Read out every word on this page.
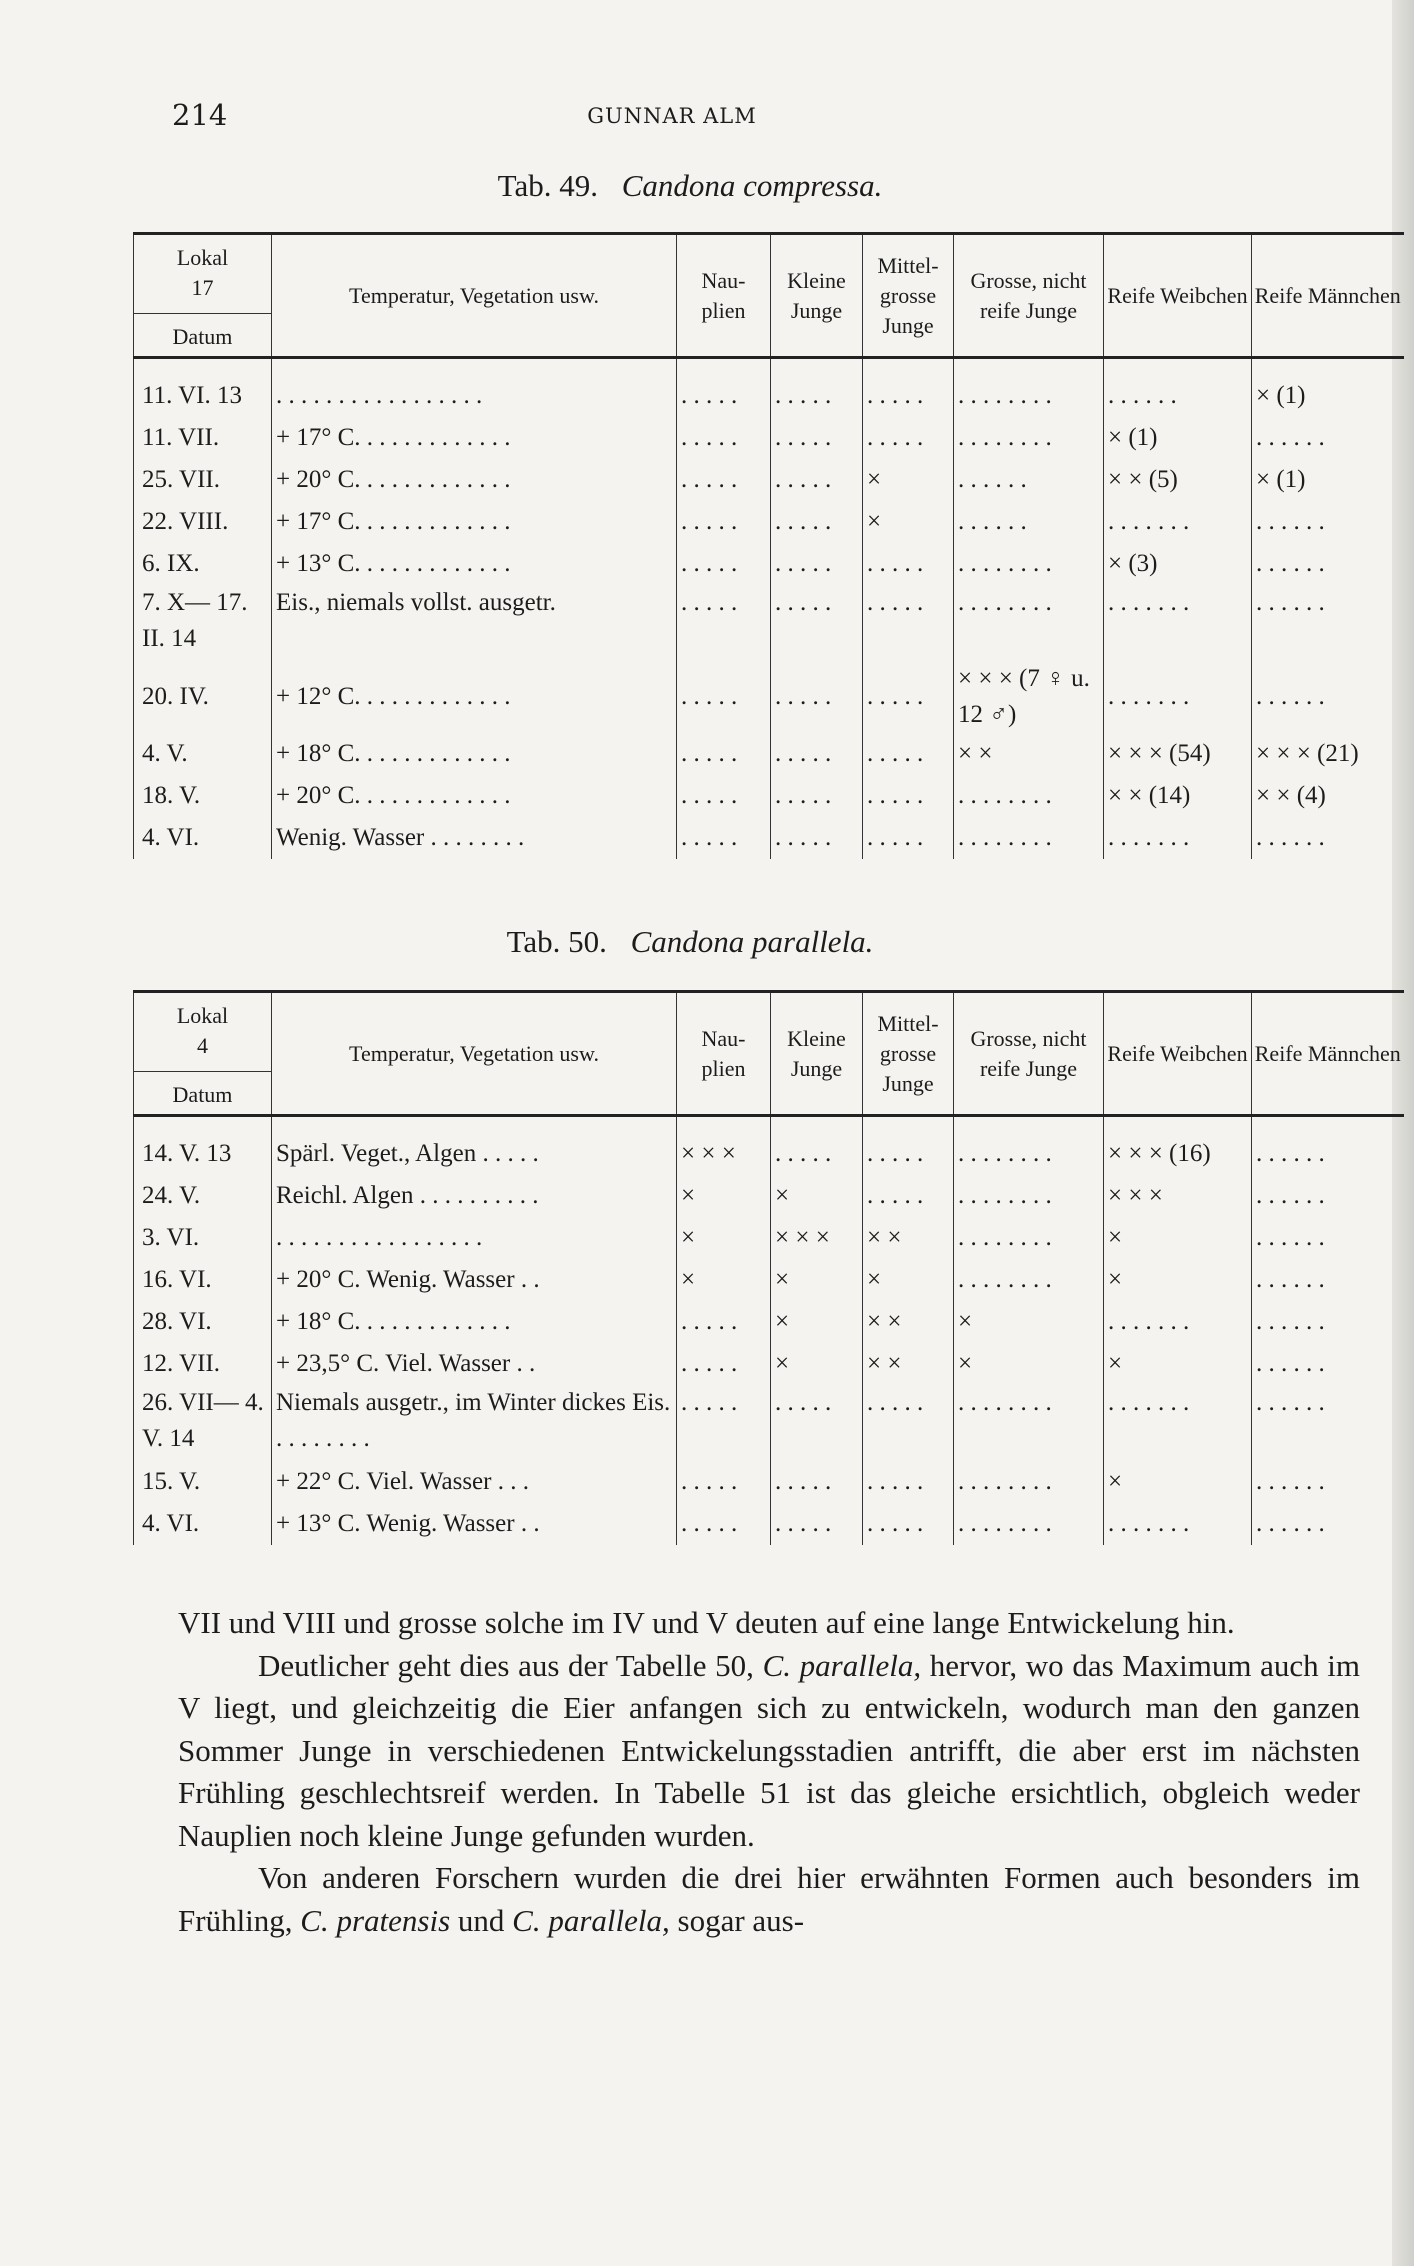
214	GUNNAR ALM
Tab. 49. Candona compressa.
Lokal
17
Datum	Temperatur, Vegetation usw.	Nau- plien	Kleine Junge	Mittel- grosse Junge	Grosse, nicht reife Junge	Reife Weibchen	Reife Männchen
11. VI. 13	. . . . . . . . . . . . . . . . .	. . . . .	. . . . .	. . . . .	. . . . . . . .	. . . . . .	× (1)
11. VII.	+ 17° C. . . . . . . . . . . . .	. . . . .	. . . . .	. . . . .	. . . . . . . .	× (1)	. . . . . .
25. VII.	+ 20° C. . . . . . . . . . . . .	. . . . .	. . . . .	×	. . . . . .	× × (5)	× (1)
22. VIII.	+ 17° C. . . . . . . . . . . . .	. . . . .	. . . . .	×	. . . . . .	. . . . . . .	. . . . . .
6. IX.	+ 13° C. . . . . . . . . . . . .	. . . . .	. . . . .	. . . . .	. . . . . . . .	× (3)	. . . . . .
7. X— 17. II. 14	Eis., niemals vollst. ausgetr.	. . . . .	. . . . .	. . . . .	. . . . . . . .	. . . . . . .	. . . . . .
20. IV.	+ 12° C. . . . . . . . . . . . .	. . . . .	. . . . .	. . . . .	× × × (7 ♀ u. 12 ♂)	. . . . . . .	. . . . . .
4. V.	+ 18° C. . . . . . . . . . . . .	. . . . .	. . . . .	. . . . .	× ×	× × × (54)	× × × (21)
18. V.	+ 20° C. . . . . . . . . . . . .	. . . . .	. . . . .	. . . . .	. . . . . . . .	× × (14)	× × (4)
4. VI.	Wenig. Wasser . . . . . . . .	. . . . .	. . . . .	. . . . .	. . . . . . . .	. . . . . . .	. . . . . .
Tab. 50. Candona parallela.
Lokal
4
Datum	Temperatur, Vegetation usw.	Nau- plien	Kleine Junge	Mittel- grosse Junge	Grosse, nicht reife Junge	Reife Weibchen	Reife Männchen
14. V. 13	Spärl. Veget., Algen . . . . .	× × ×	. . . . .	. . . . .	. . . . . . . .	× × × (16)	. . . . . .
24. V.	Reichl. Algen . . . . . . . . . .	×	×	. . . . .	. . . . . . . .	× × ×	. . . . . .
3. VI.	. . . . . . . . . . . . . . . . .	×	× × ×	× ×	. . . . . . . .	×	. . . . . .
16. VI.	+ 20° C. Wenig. Wasser . .	×	×	×	. . . . . . . .	×	. . . . . .
28. VI.	+ 18° C. . . . . . . . . . . . .	. . . . .	×	× ×	×	. . . . . . .	. . . . . .
12. VII.	+ 23,5° C. Viel. Wasser . .	. . . . .	×	× ×	×	×	. . . . . .
26. VII— 4. V. 14	Niemals ausgetr., im Winter dickes Eis. . . . . . . . .	. . . . .	. . . . .	. . . . .	. . . . . . . .	. . . . . . .	. . . . . .
15. V.	+ 22° C. Viel. Wasser . . .	. . . . .	. . . . .	. . . . .	. . . . . . . .	×	. . . . . .
4. VI.	+ 13° C. Wenig. Wasser . .	. . . . .	. . . . .	. . . . .	. . . . . . . .	. . . . . . .	. . . . . .

VII und VIII und grosse solche im IV und V deuten auf eine lange Entwickelung hin.

Deutlicher geht dies aus der Tabelle 50, C. parallela, hervor, wo das Maximum auch im V liegt, und gleichzeitig die Eier anfangen sich zu entwickeln, wodurch man den ganzen Sommer Junge in verschiedenen Entwickelungsstadien antrifft, die aber erst im nächsten Frühling geschlechtsreif werden. In Tabelle 51 ist das gleiche ersichtlich, obgleich weder Nauplien noch kleine Junge gefunden wurden.

Von anderen Forschern wurden die drei hier erwähnten Formen auch besonders im Frühling, C. pratensis und C. parallela, sogar aus-
